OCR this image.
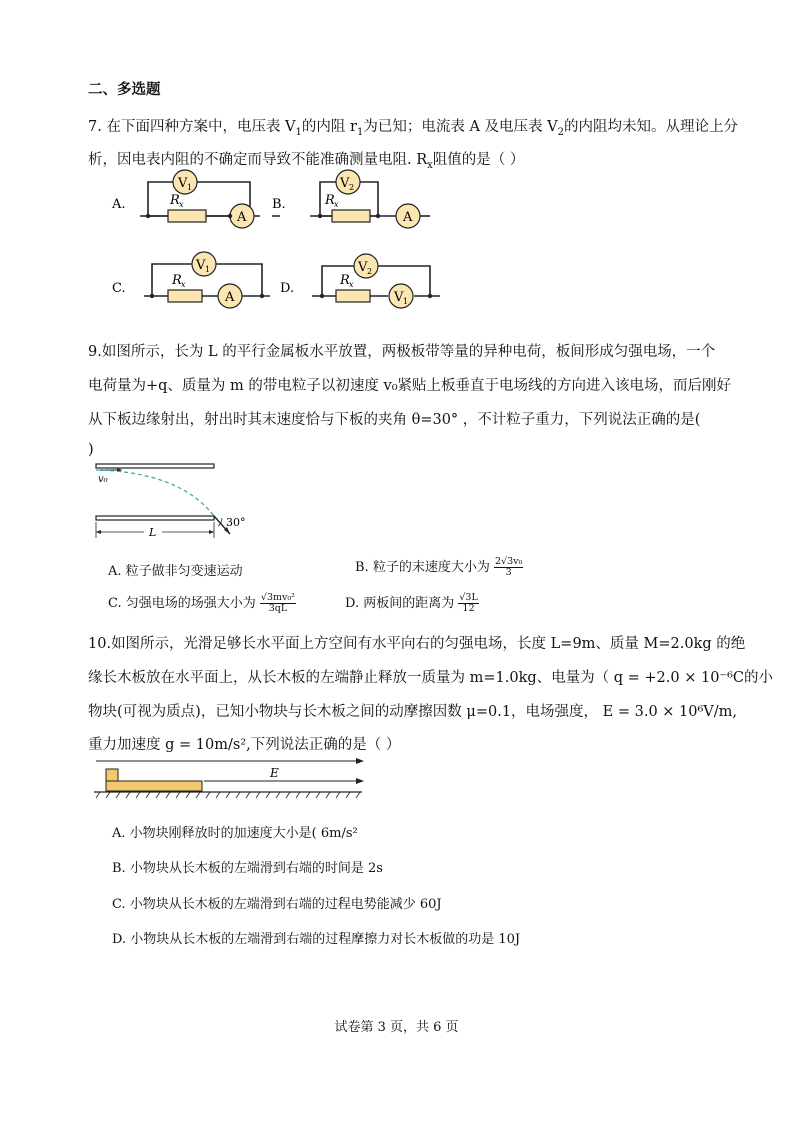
二、多选题
7. 在下面四种方案中，电压表 $V_1$的内阻 $r_1$为已知；电流表 A 及电压表 $V_2$的内阻均未知。从理论上分
析，因电表内阻的不确定而导致不能准确测量电阻. $R_x$阻值的是（ ）
V 1
A
R x
A.
V 2
A
R x
B.
V 1
A
R x
C.
V 2
V 1
R x
D.
9.如图所示，长为 L 的平行金属板水平放置，两极板带等量的异种电荷，板间形成匀强电场，一个
电荷量为+q、质量为 m 的带电粒子以初速度 v₀紧贴上板垂直于电场线的方向进入该电场，而后刚好
从下板边缘射出，射出时其末速度恰与下板的夹角 θ=30° ，不计粒子重力，下列说法正确的是(
)
v₀
30°
L
A. 粒子做非匀变速运动	B. 粒子的末速度大小为 $\frac{\text{2√3v₀}}{3}$
C. 匀强电场的场强大小为 $\frac{\text{√3mv₀²}}{3qL}$	D. 两板间的距离为 $\frac{√3L}{12}$
10.如图所示，光滑足够长水平面上方空间有水平向右的匀强电场，长度 L=9m、质量 M=2.0kg 的绝
缘长木板放在水平面上，从长木板的左端静止释放一质量为 m=1.0kg、电量为（ q = +2.0 × 10⁻⁶C的小
物块(可视为质点)，已知小物块与长木板之间的动摩擦因数 μ=0.1，电场强度， E = 3.0 × 10⁶V/m,
重力加速度 g = 10m/s²,下列说法正确的是（ ）
E
A. 小物块刚释放时的加速度大小是( 6m/s²
B. 小物块从长木板的左端滑到右端的时间是 2s
C. 小物块从长木板的左端滑到右端的过程电势能减少 60J
D. 小物块从长木板的左端滑到右端的过程摩擦力对长木板做的功是 10J
试卷第 3 页，共 6 页
